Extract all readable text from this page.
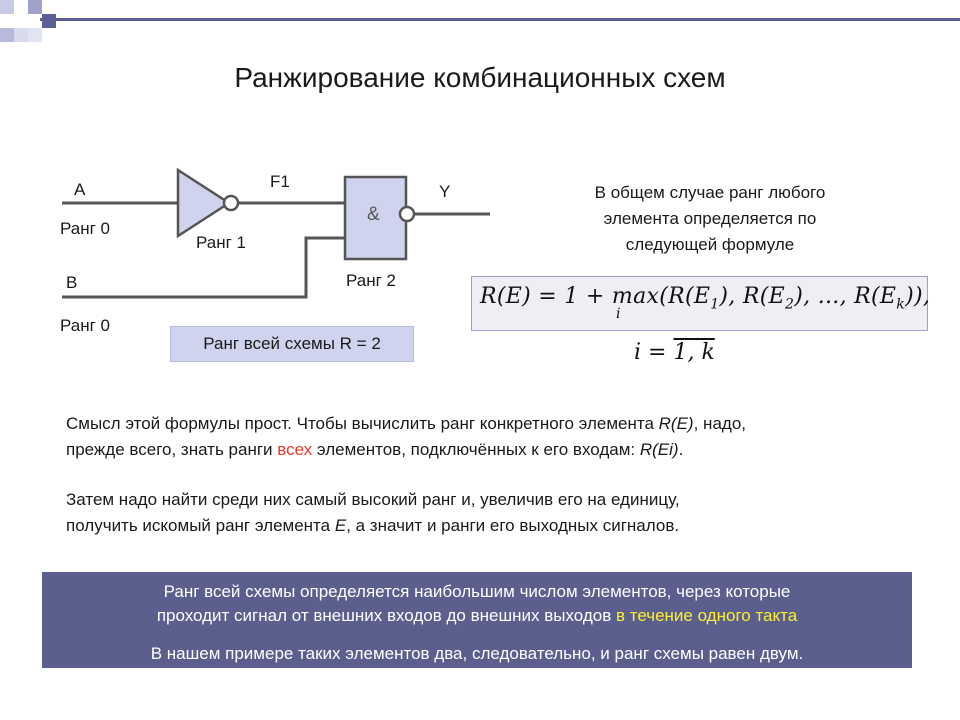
Ранжирование комбинационных схем
A
Ранг 0
B
Ранг 0
F1
Y
&
Ранг 1
Ранг 2
Ранг всей схемы R = 2
В общем случае ранг любого
элемента определяется по
следующей формуле
$R(E) = 1 + \max(R(E_1)$, $R(E_2)$, ..., $R(E_k)$),
i
i = 1, k
Смысл этой формулы прост. Чтобы вычислить ранг конкретного элемента R(E), надо,
прежде всего, знать ранги всех элементов, подключённых к его входам: R(Ei).
Затем надо найти среди них самый высокий ранг и, увеличив его на единицу,
получить искомый ранг элемента E, а значит и ранги его выходных сигналов.
Ранг всей схемы определяется наибольшим числом элементов, через которые
проходит сигнал от внешних входов до внешних выходов в течение одного такта
В нашем примере таких элементов два, следовательно, и ранг схемы равен двум.
